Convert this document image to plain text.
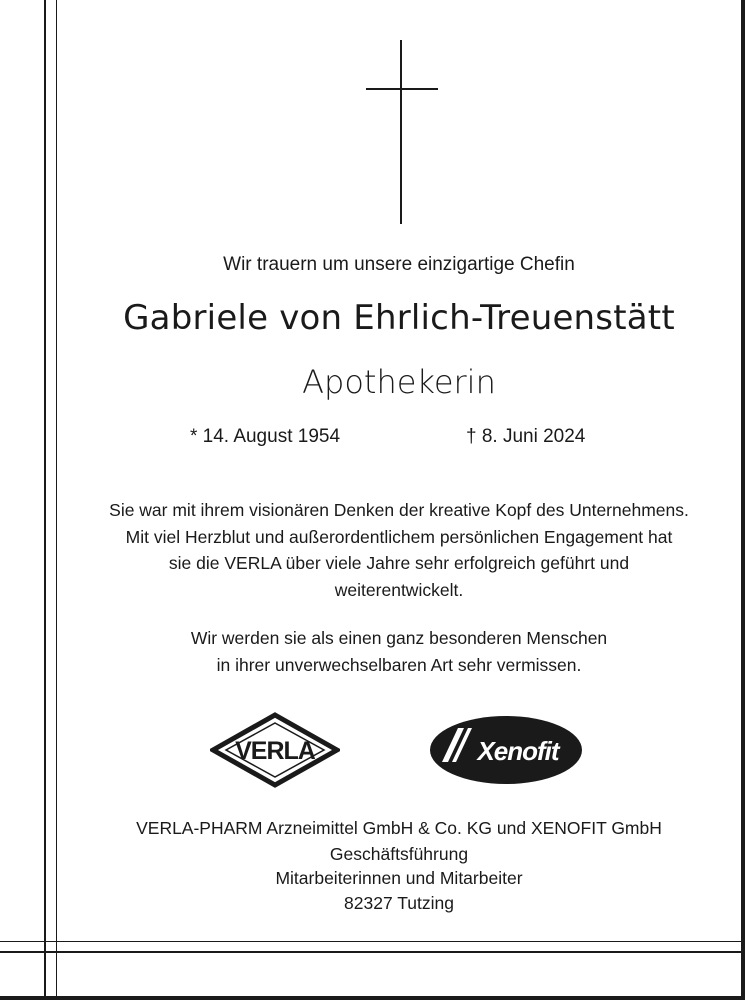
Wir trauern um unsere einzigartige Chefin
Gabriele von Ehrlich-Treuenstätt
Apothekerin
* 14. August 1954	† 8. Juni 2024
Sie war mit ihrem visionären Denken der kreative Kopf des Unternehmens.
Mit viel Herzblut und außerordentlichem persönlichen Engagement hat
sie die VERLA über viele Jahre sehr erfolgreich geführt und
weiterentwickelt.
Wir werden sie als einen ganz besonderen Menschen
in ihrer unverwechselbaren Art sehr vermissen.
VERLA	Xenofit
VERLA-PHARM Arzneimittel GmbH & Co. KG und XENOFIT GmbH
Geschäftsführung
Mitarbeiterinnen und Mitarbeiter
82327 Tutzing
